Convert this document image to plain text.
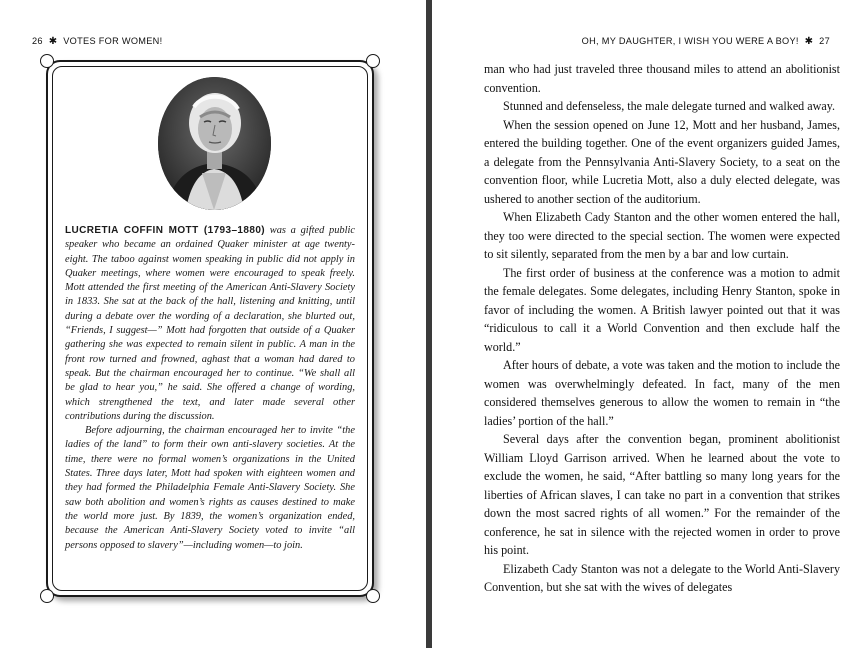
26 ✱ VOTES FOR WOMEN!

LUCRETIA COFFIN MOTT (1793–1880) was a gifted public speaker who became an ordained Quaker minister at age twenty-eight. The taboo against women speaking in public did not apply in Quaker meetings, where women were encouraged to speak freely. Mott attended the first meeting of the American Anti-Slavery Society in 1833. She sat at the back of the hall, listening and knitting, until during a debate over the wording of a declaration, she blurted out, “Friends, I suggest—” Mott had forgotten that outside of a Quaker gathering she was expected to remain silent in public. A man in the front row turned and frowned, aghast that a woman had dared to speak. But the chairman encouraged her to continue. “We shall all be glad to hear you,” he said. She offered a change of wording, which strengthened the text, and later made several other contributions during the discussion.

Before adjourning, the chairman encouraged her to invite “the ladies of the land” to form their own anti-slavery societies. At the time, there were no formal women’s organizations in the United States. Three days later, Mott had spoken with eighteen women and they had formed the Philadelphia Female Anti-Slavery Society. She saw both abolition and women’s rights as causes destined to make the world more just. By 1839, the women’s organization ended, because the American Anti-Slavery Society voted to invite “all persons opposed to slavery”—including women—to join.

OH, MY DAUGHTER, I WISH YOU WERE A BOY! ✱ 27

man who had just traveled three thousand miles to attend an abolitionist convention.

Stunned and defenseless, the male delegate turned and walked away.

When the session opened on June 12, Mott and her husband, James, entered the building together. One of the event organizers guided James, a delegate from the Pennsylvania Anti-Slavery Society, to a seat on the convention floor, while Lucretia Mott, also a duly elected delegate, was ushered to another section of the auditorium.

When Elizabeth Cady Stanton and the other women entered the hall, they too were directed to the special section. The women were expected to sit silently, separated from the men by a bar and low curtain.

The first order of business at the conference was a motion to admit the female delegates. Some delegates, including Henry Stanton, spoke in favor of including the women. A British lawyer pointed out that it was “ridiculous to call it a World Convention and then exclude half the world.”

After hours of debate, a vote was taken and the motion to include the women was overwhelmingly defeated. In fact, many of the men considered themselves generous to allow the women to remain in “the ladies’ portion of the hall.”

Several days after the convention began, prominent abolitionist William Lloyd Garrison arrived. When he learned about the vote to exclude the women, he said, “After battling so many long years for the liberties of African slaves, I can take no part in a convention that strikes down the most sacred rights of all women.” For the remainder of the conference, he sat in silence with the rejected women in order to prove his point.

Elizabeth Cady Stanton was not a delegate to the World Anti-Slavery Convention, but she sat with the wives of delegates
